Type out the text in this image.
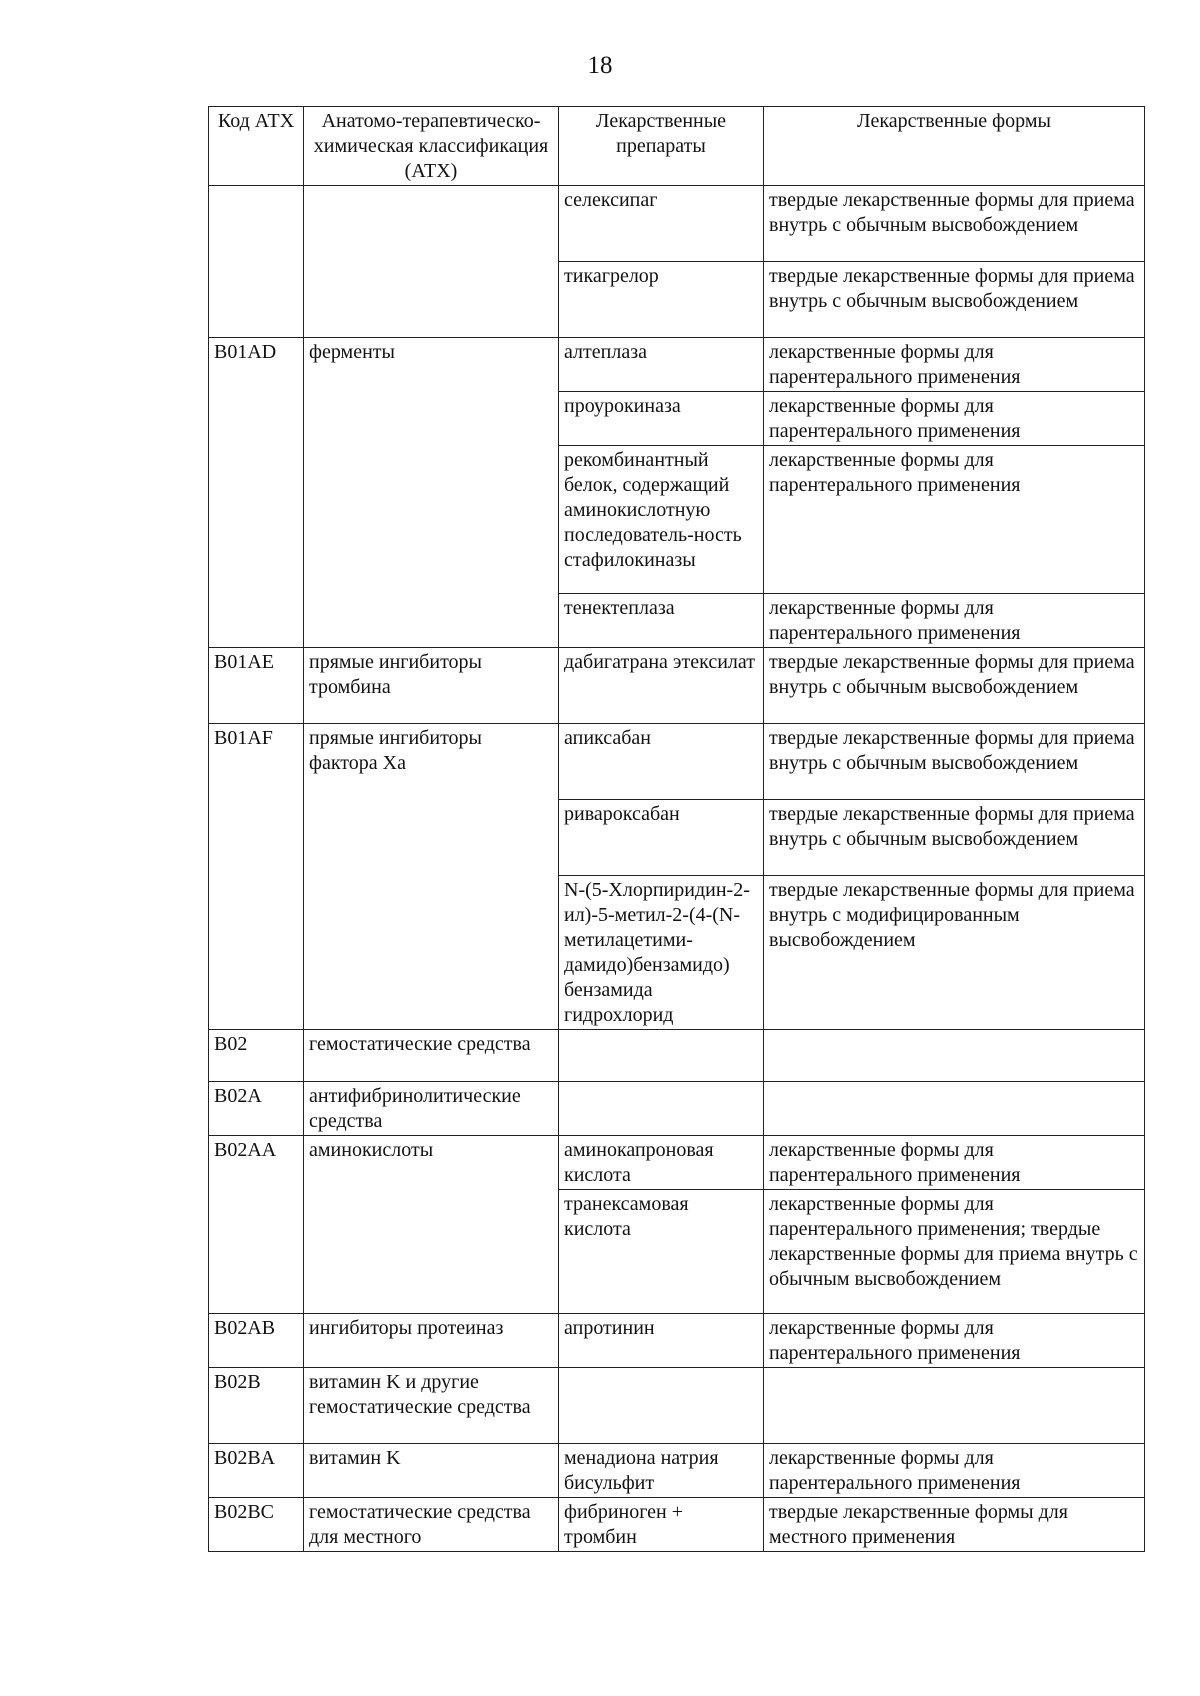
18
Код АТХ	Анатомо-терапевтическо-химическая классификация (АТХ)	Лекарственные препараты	Лекарственные формы
		селексипаг	твердые лекарственные формы для приема внутрь с обычным высвобождением
		тикагрелор	твердые лекарственные формы для приема внутрь с обычным высвобождением
B01AD	ферменты	алтеплаза	лекарственные формы для парентерального применения
		проурокиназа	лекарственные формы для парентерального применения
		рекомбинантный белок, содержащий аминокислотную последователь-ность стафилокиназы	лекарственные формы для парентерального применения
		тенектеплаза	лекарственные формы для парентерального применения
B01AE	прямые ингибиторы тромбина	дабигатрана этексилат	твердые лекарственные формы для приема внутрь с обычным высвобождением
B01AF	прямые ингибиторы фактора Xa	апиксабан	твердые лекарственные формы для приема внутрь с обычным высвобождением
		ривароксабан	твердые лекарственные формы для приема внутрь с обычным высвобождением
		N-(5-Хлорпиридин-2-ил)-5-метил-2-(4-(N-метилацетими-дамидо)бензамидо) бензамида гидрохлорид	твердые лекарственные формы для приема внутрь с модифицированным высвобождением
B02	гемостатические средства		
B02A	антифибринолитические средства		
B02AA	аминокислоты	аминокапроновая кислота	лекарственные формы для парентерального применения
		транексамовая кислота	лекарственные формы для парентерального применения; твердые лекарственные формы для приема внутрь с обычным высвобождением
B02AB	ингибиторы протеиназ	апротинин	лекарственные формы для парентерального применения
B02B	витамин K и другие гемостатические средства		
B02BA	витамин K	менадиона натрия бисульфит	лекарственные формы для парентерального применения
B02BC	гемостатические средства для местного	фибриноген + тромбин	твердые лекарственные формы для местного применения
